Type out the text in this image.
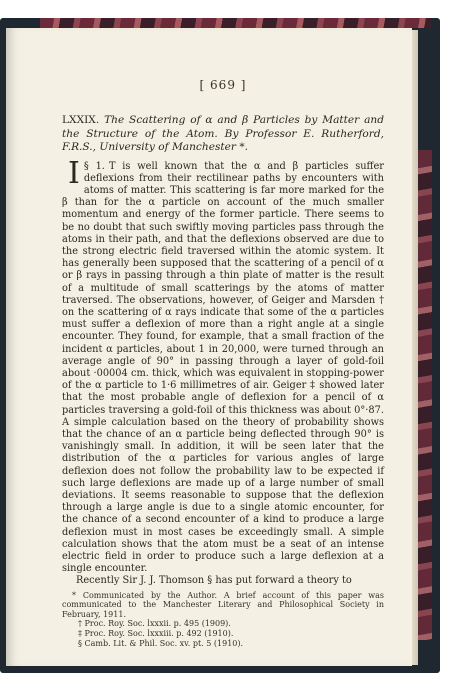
[ 669 ]

LXXIX. The Scattering of α and β Particles by Matter and the Structure of the Atom. By Professor E. Rutherford, F.R.S., University of Manchester *.

§ 1.
I	T is well known that the α and β particles suffer deflexions from their rectilinear paths by encounters with atoms of matter. This scattering is far more marked for the β than for the α particle on account of the much smaller momentum and energy of the former particle. There seems to be no doubt that such swiftly moving particles pass through the atoms in their path, and that the deflexions observed are due to the strong electric field traversed within the atomic system. It has generally been supposed that the scattering of a pencil of α or β rays in passing through a thin plate of matter is the result of a multitude of small scatterings by the atoms of matter traversed. The observations, however, of Geiger and Marsden † on the scattering of α rays indicate that some of the α particles must suffer a deflexion of more than a right angle at a single encounter. They found, for example, that a small fraction of the incident α particles, about 1 in 20,000, were turned through an average angle of 90° in passing through a layer of gold-foil about ·00004 cm. thick, which was equivalent in stopping-power of the α particle to 1·6 millimetres of air. Geiger ‡ showed later that the most probable angle of deflexion for a pencil of α particles traversing a gold-foil of this thickness was about 0°·87. A simple calculation based on the theory of probability shows that the chance of an α particle being deflected through 90° is vanishingly small. In addition, it will be seen later that the distribution of the α particles for various angles of large deflexion does not follow the probability law to be expected if such large deflexions are made up of a large number of small deviations. It seems reasonable to suppose that the deflexion through a large angle is due to a single atomic encounter, for the chance of a second encounter of a kind to produce a large deflexion must in most cases be exceedingly small. A simple calculation shows that the atom must be a seat of an intense electric field in order to produce such a large deflexion at a single encounter.

Recently Sir J. J. Thomson § has put forward a theory to

* Communicated by the Author. A brief account of this paper was communicated to the Manchester Literary and Philosophical Society in February, 1911.

† Proc. Roy. Soc. lxxxii. p. 495 (1909).

‡ Proc. Roy. Soc. lxxxiii. p. 492 (1910).

§ Camb. Lit. & Phil. Soc. xv. pt. 5 (1910).
